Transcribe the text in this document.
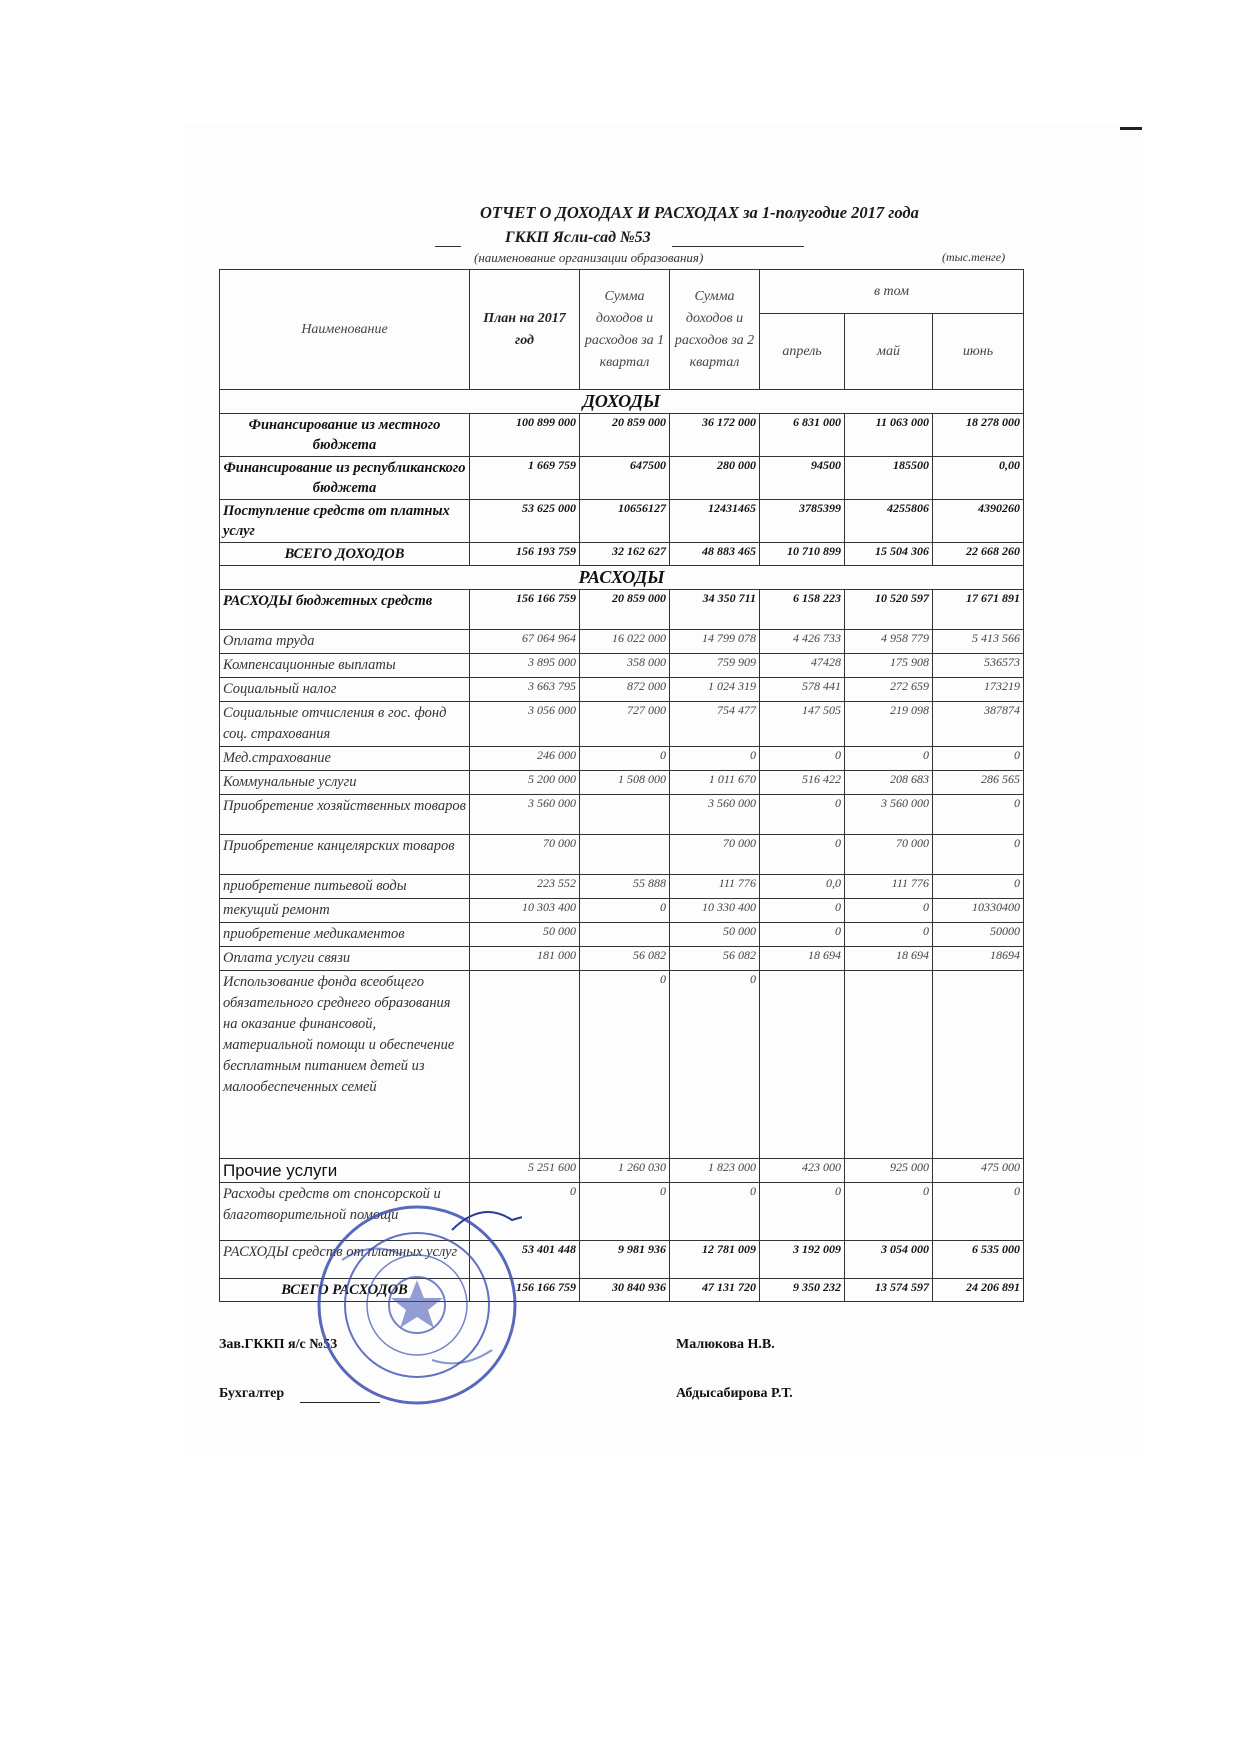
ОТЧЕТ О ДОХОДАХ И РАСХОДАХ за 1-полугодие 2017 года
ГККП Ясли-сад №53
(наименование организации образования)	(тыс.тенге)
Наименование	План на 2017 год	Сумма доходов и расходов за 1 квартал	Сумма доходов и расходов за 2 квартал	в том		
				апрель	май	июнь
ДОХОДЫ						
Финансирование из местного бюджета	100 899 000	20 859 000	36 172 000	6 831 000	11 063 000	18 278 000
Финансирование из республиканского бюджета	1 669 759	647500	280 000	94500	185500	0,00
Поступление средств от платных услуг	53 625 000	10656127	12431465	3785399	4255806	4390260
ВСЕГО ДОХОДОВ	156 193 759	32 162 627	48 883 465	10 710 899	15 504 306	22 668 260
РАСХОДЫ						
РАСХОДЫ бюджетных средств	156 166 759	20 859 000	34 350 711	6 158 223	10 520 597	17 671 891
Оплата труда	67 064 964	16 022 000	14 799 078	4 426 733	4 958 779	5 413 566
Компенсационные выплаты	3 895 000	358 000	759 909	47428	175 908	536573
Социальный налог	3 663 795	872 000	1 024 319	578 441	272 659	173219
Социальные отчисления в гос. фонд соц. страхования	3 056 000	727 000	754 477	147 505	219 098	387874
Мед.страхование	246 000	0	0	0	0	0
Коммунальные услуги	5 200 000	1 508 000	1 011 670	516 422	208 683	286 565
Приобретение хозяйственных товаров	3 560 000		3 560 000	0	3 560 000	0
Приобретение канцелярских товаров	70 000		70 000	0	70 000	0
приобретение питьевой воды	223 552	55 888	111 776	0,0	111 776	0
текущий ремонт	10 303 400	0	10 330 400	0	0	10330400
приобретение медикаментов	50 000		50 000	0	0	50000
Оплата услуги связи	181 000	56 082	56 082	18 694	18 694	18694
Использование фонда всеобщего обязательного среднего образования на оказание финансовой, материальной помощи и обеспечение бесплатным питанием детей из малообеспеченных семей		0	0			
Прочие услуги	5 251 600	1 260 030	1 823 000	423 000	925 000	475 000
Расходы средств от спонсорской и благотворительной помощи	0	0	0	0	0	0
РАСХОДЫ средств от платных услуг	53 401 448	9 981 936	12 781 009	3 192 009	3 054 000	6 535 000
ВСЕГО РАСХОДОВ	156 166 759	30 840 936	47 131 720	9 350 232	13 574 597	24 206 891
Зав.ГККП я/с №53	Малюкова Н.В.
Бухгалтер	Абдысабирова Р.Т.
